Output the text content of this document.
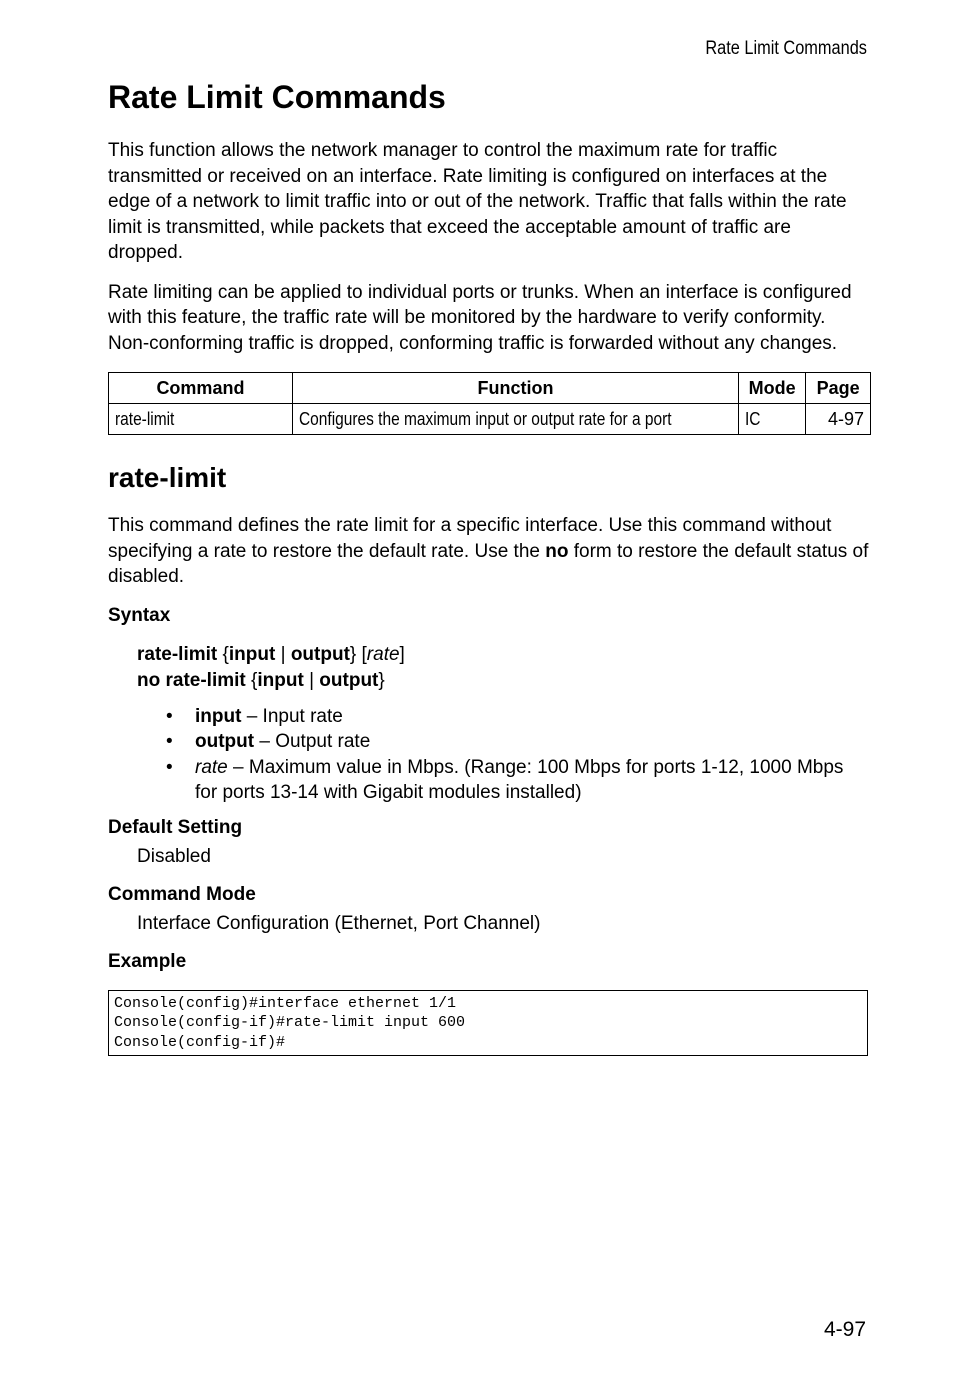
Rate Limit Commands
Rate Limit Commands

This function allows the network manager to control the maximum rate for traffic transmitted or received on an interface. Rate limiting is configured on interfaces at the edge of a network to limit traffic into or out of the network. Traffic that falls within the rate limit is transmitted, while packets that exceed the acceptable amount of traffic are dropped.

Rate limiting can be applied to individual ports or trunks. When an interface is configured with this feature, the traffic rate will be monitored by the hardware to verify conformity. Non-conforming traffic is dropped, conforming traffic is forwarded without any changes.

Command	Function	Mode	Page
rate-limit	Configures the maximum input or output rate for a port	IC	4-97
rate-limit

This command defines the rate limit for a specific interface. Use this command without specifying a rate to restore the default rate. Use the no form to restore the default status of disabled.

Syntax
rate-limit {input | output} [rate]
no rate-limit {input | output}
• input – Input rate
• output – Output rate
• rate – Maximum value in Mbps. (Range: 100 Mbps for ports 1-12, 1000 Mbps for ports 13-14 with Gigabit modules installed)
Default Setting
Disabled
Command Mode
Interface Configuration (Ethernet, Port Channel)
Example
Console(config)#interface ethernet 1/1
Console(config-if)#rate-limit input 600
Console(config-if)#
4-97
